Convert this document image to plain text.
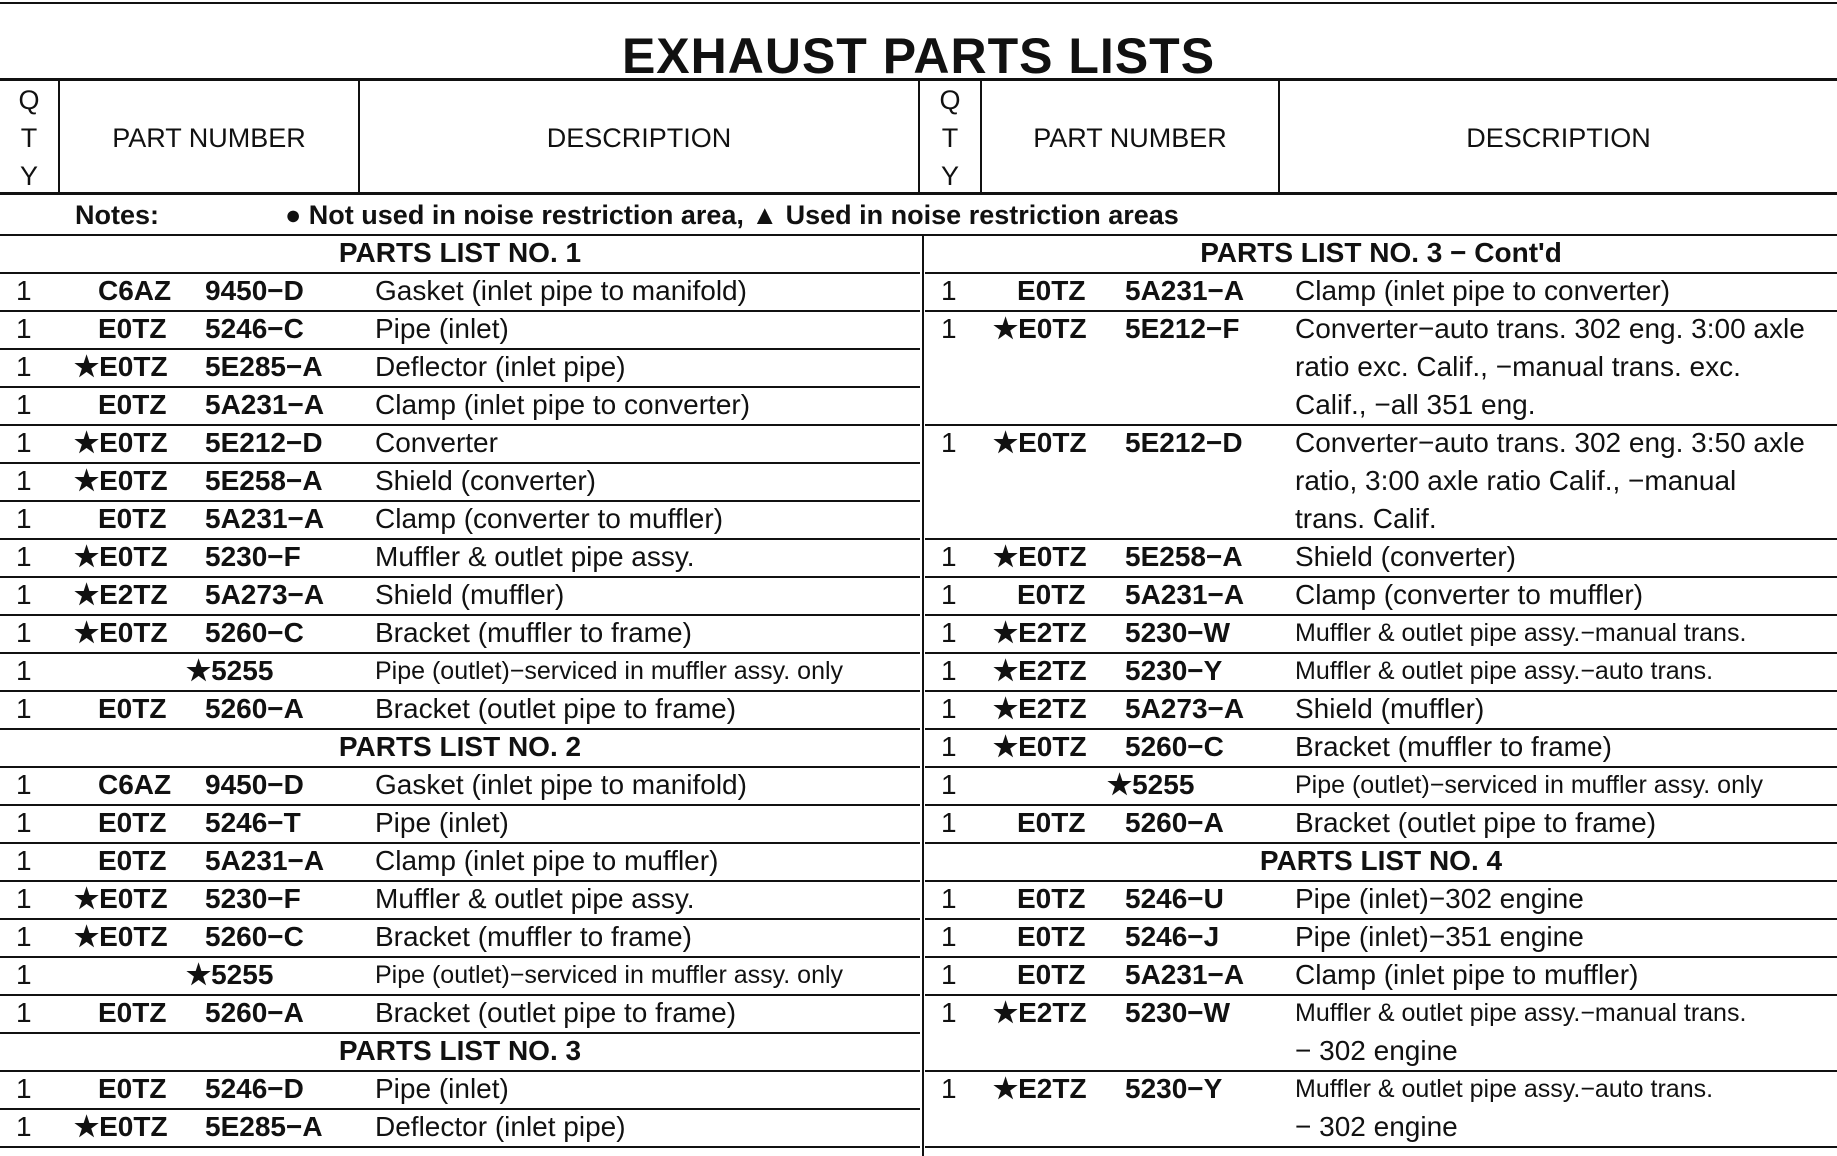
EXHAUST PARTS LISTS
Q
T
Y
PART NUMBER	DESCRIPTION
Q
T
Y
PART NUMBER	DESCRIPTION
Notes:	● Not used in noise restriction area, ▲ Used in noise restriction areas
PARTS LIST NO. 1
1 C6AZ 9450−D	Gasket (inlet pipe to manifold)
1 E0TZ 5246−C	Pipe (inlet)
1 ★E0TZ 5E285−A Deflector (inlet pipe)
1 E0TZ 5A231−A Clamp (inlet pipe to converter)
1 ★E0TZ 5E212−D Converter
1 ★E0TZ 5E258−A Shield (converter)
1 E0TZ 5A231−A Clamp (converter to muffler)
1 ★E0TZ 5230−F	Muffler & outlet pipe assy.
1 ★E2TZ 5A273−A Shield (muffler)
1 ★E0TZ 5260−C	Bracket (muffler to frame)
1	★5255	Pipe (outlet)−serviced in muffler assy. only
1 E0TZ 5260−A	Bracket (outlet pipe to frame)
PARTS LIST NO. 2
1 C6AZ 9450−D	Gasket (inlet pipe to manifold)
1 E0TZ 5246−T	Pipe (inlet)
1 E0TZ 5A231−A Clamp (inlet pipe to muffler)
1 ★E0TZ 5230−F	Muffler & outlet pipe assy.
1 ★E0TZ 5260−C	Bracket (muffler to frame)
1	★5255	Pipe (outlet)−serviced in muffler assy. only
1 E0TZ 5260−A	Bracket (outlet pipe to frame)
PARTS LIST NO. 3
1 E0TZ 5246−D	Pipe (inlet)
1 ★E0TZ 5E285−A Deflector (inlet pipe)
PARTS LIST NO. 3 − Cont'd
1 E0TZ 5A231−A Clamp (inlet pipe to converter)
1 ★E0TZ 5E212−F Converter−auto trans. 302 eng. 3:00 axle
ratio exc. Calif., −manual trans. exc.
Calif., −all 351 eng.
1 ★E0TZ 5E212−D Converter−auto trans. 302 eng. 3:50 axle
ratio, 3:00 axle ratio Calif., −manual
trans. Calif.
1 ★E0TZ 5E258−A Shield (converter)
1 E0TZ 5A231−A Clamp (converter to muffler)
1 ★E2TZ 5230−W	Muffler & outlet pipe assy.−manual trans.
1 ★E2TZ 5230−Y	Muffler & outlet pipe assy.−auto trans.
1 ★E2TZ 5A273−A Shield (muffler)
1 ★E0TZ 5260−C	Bracket (muffler to frame)
1	★5255	Pipe (outlet)−serviced in muffler assy. only
1 E0TZ 5260−A	Bracket (outlet pipe to frame)
PARTS LIST NO. 4
1 E0TZ 5246−U	Pipe (inlet)−302 engine
1 E0TZ 5246−J	Pipe (inlet)−351 engine
1 E0TZ 5A231−A Clamp (inlet pipe to muffler)
1 ★E2TZ 5230−W	Muffler & outlet pipe assy.−manual trans.
− 302 engine
1 ★E2TZ 5230−Y	Muffler & outlet pipe assy.−auto trans.
− 302 engine
